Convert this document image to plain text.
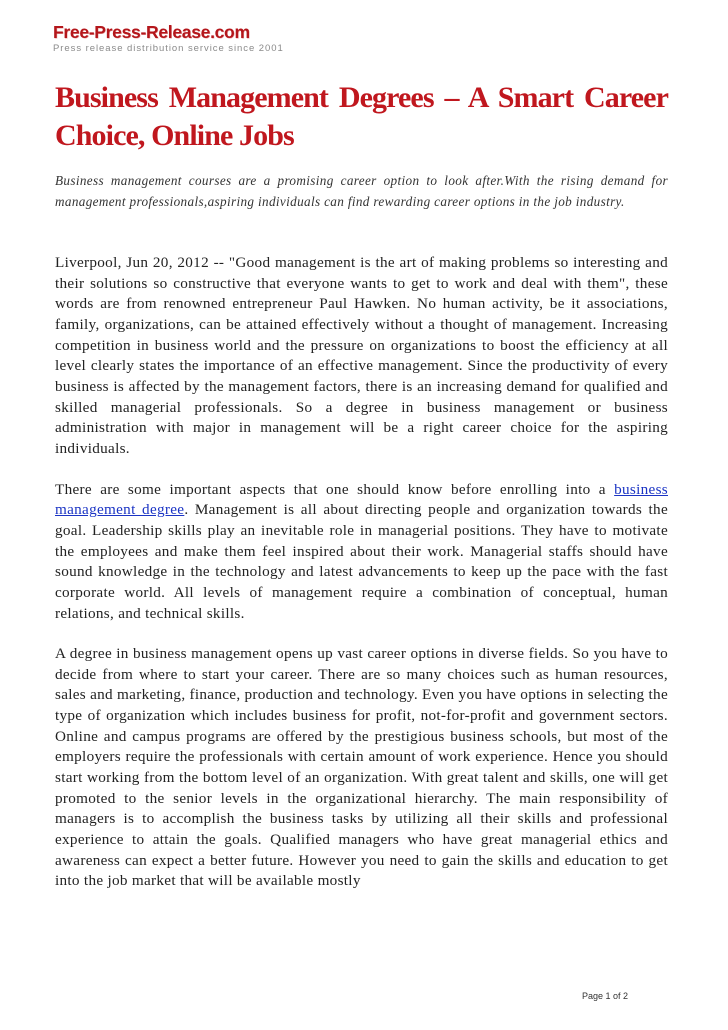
Free-Press-Release.com
Press release distribution service since 2001
Business Management Degrees – A Smart Career
Choice, Online Jobs

Business management courses are a promising career option to look after.With the rising demand for management professionals,aspiring individuals can find rewarding career options in the job industry.

Liverpool, Jun 20, 2012 -- "Good management is the art of making problems so interesting and their solutions so constructive that everyone wants to get to work and deal with them", these words are from renowned entrepreneur Paul Hawken. No human activity, be it associations, family, organizations, can be attained effectively without a thought of management. Increasing competition in business world and the pressure on organizations to boost the efficiency at all level clearly states the importance of an effective management. Since the productivity of every business is affected by the management factors, there is an increasing demand for qualified and skilled managerial professionals. So a degree in business management or business administration with major in management will be a right career choice for the aspiring individuals.

There are some important aspects that one should know before enrolling into a business management degree. Management is all about directing people and organization towards the goal. Leadership skills play an inevitable role in managerial positions. They have to motivate the employees and make them feel inspired about their work. Managerial staffs should have sound knowledge in the technology and latest advancements to keep up the pace with the fast corporate world. All levels of management require a combination of conceptual, human relations, and technical skills.

A degree in business management opens up vast career options in diverse fields. So you have to decide from where to start your career. There are so many choices such as human resources, sales and marketing, finance, production and technology. Even you have options in selecting the type of organization which includes business for profit, not-for-profit and government sectors. Online and campus programs are offered by the prestigious business schools, but most of the employers require the professionals with certain amount of work experience. Hence you should start working from the bottom level of an organization. With great talent and skills, one will get promoted to the senior levels in the organizational hierarchy. The main responsibility of managers is to accomplish the business tasks by utilizing all their skills and professional experience to attain the goals. Qualified managers who have great managerial ethics and awareness can expect a better future. However you need to gain the skills and education to get into the job market that will be available mostly

Page 1 of 2
